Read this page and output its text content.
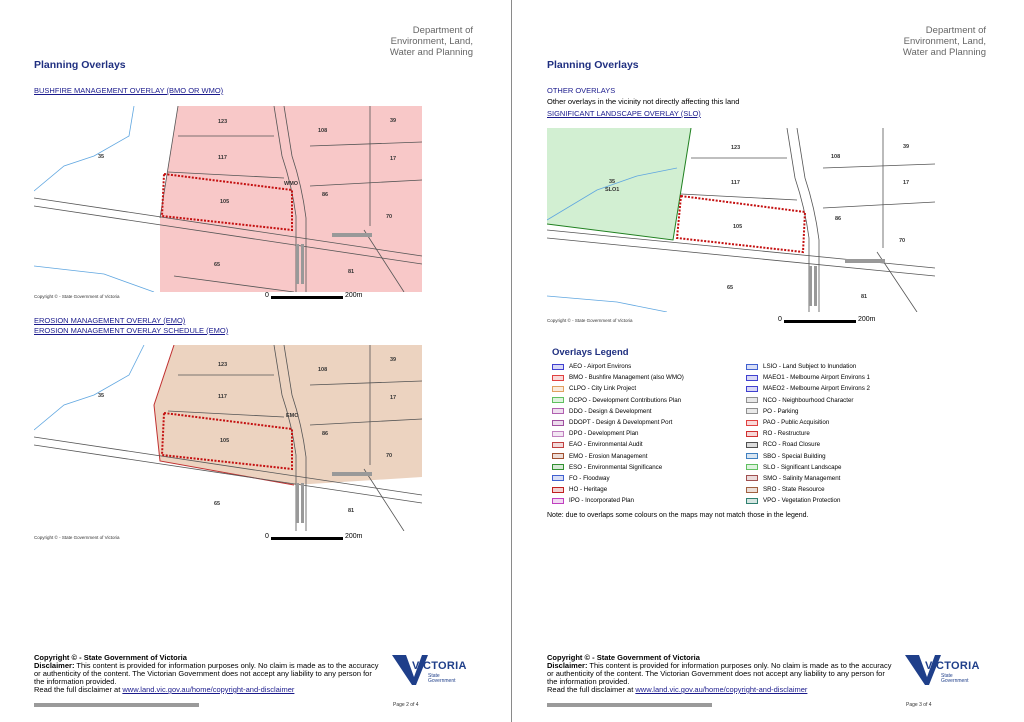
Department of
Environment, Land,
Water and Planning
Planning Overlays
BUSHFIRE MANAGEMENT OVERLAY (BMO OR WMO)
123
108
39
117	17
86
105
70
65
81
35
WMO
Copyright © - State Government of Victoria	0	200m
EROSION MANAGEMENT OVERLAY (EMO)
EROSION MANAGEMENT OVERLAY SCHEDULE (EMO)
123
108
39
117	17
86
105
70
65
81
35
EMO
Copyright © - State Government of Victoria	0	200m
Copyright © - State Government of Victoria
Disclaimer: This content is provided for information purposes only. No claim is made as to the accuracy or authenticity of the content. The Victorian Government does not accept any liability to any person for the information provided.
Read the full disclaimer at www.land.vic.gov.au/home/copyright-and-disclaimer
VICTORIA
State
Government
Page 2 of 4
Department of
Environment, Land,
Water and Planning
Planning Overlays
OTHER OVERLAYS
Other overlays in the vicinity not directly affecting this land
SIGNIFICANT LANDSCAPE OVERLAY (SLO)
123
108
39
117	17
86
105
70
65
81
35
SLO1
Copyright © - State Government of Victoria	0	200m
Overlays Legend
AEO - Airport Environs
BMO - Bushfire Management (also WMO)
CLPO - City Link Project
DCPO - Development Contributions Plan
DDO - Design & Development
DDOPT - Design & Development Port
DPO - Development Plan
EAO - Environmental Audit
EMO - Erosion Management
ESO - Environmental Significance
FO - Floodway
HO - Heritage
IPO - Incorporated Plan
LSIO - Land Subject to Inundation
MAEO1 - Melbourne Airport Environs 1
MAEO2 - Melbourne Airport Environs 2
NCO - Neighbourhood Character
PO - Parking
PAO - Public Acquisition
RO - Restructure
RCO - Road Closure
SBO - Special Building
SLO - Significant Landscape
SMO - Salinity Management
SRO - State Resource
VPO - Vegetation Protection
Note: due to overlaps some colours on the maps may not match those in the legend.
Copyright © - State Government of Victoria
Disclaimer: This content is provided for information purposes only. No claim is made as to the accuracy or authenticity of the content. The Victorian Government does not accept any liability to any person for the information provided.
Read the full disclaimer at www.land.vic.gov.au/home/copyright-and-disclaimer
VICTORIA
State
Government
Page 3 of 4
